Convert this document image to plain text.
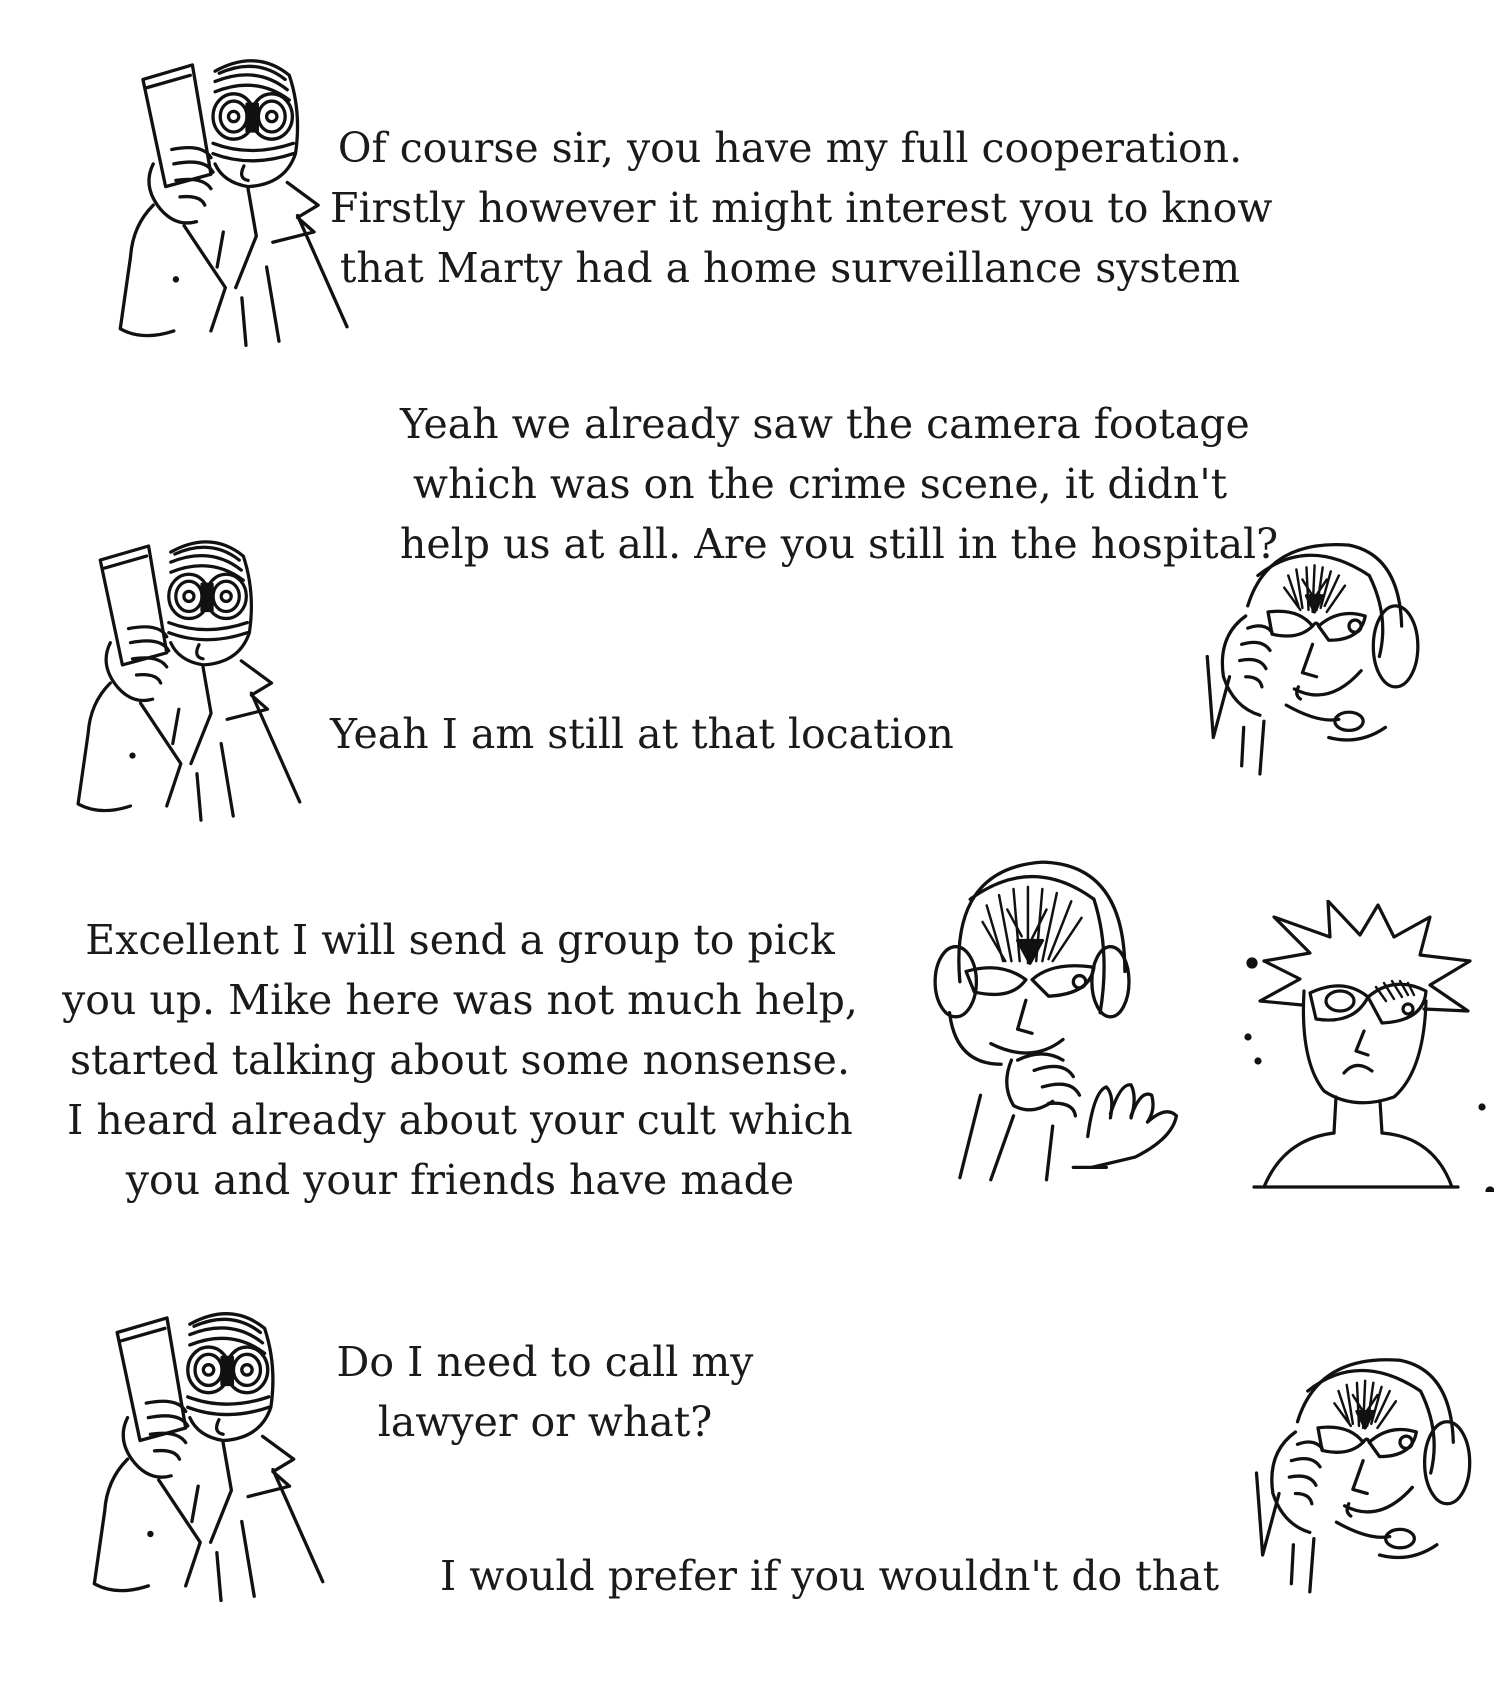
Of course sir, you have my full cooperation.
Firstly however it might interest you to know
that Marty had a home surveillance system
Yeah we already saw the camera footage
which was on the crime scene, it didn't
help us at all. Are you still in the hospital?
Yeah I am still at that location
Excellent I will send a group to pick
you up. Mike here was not much help,
started talking about some nonsense.
I heard already about your cult which
you and your friends have made
Do I need to call my
lawyer or what?
I would prefer if you wouldn't do that
